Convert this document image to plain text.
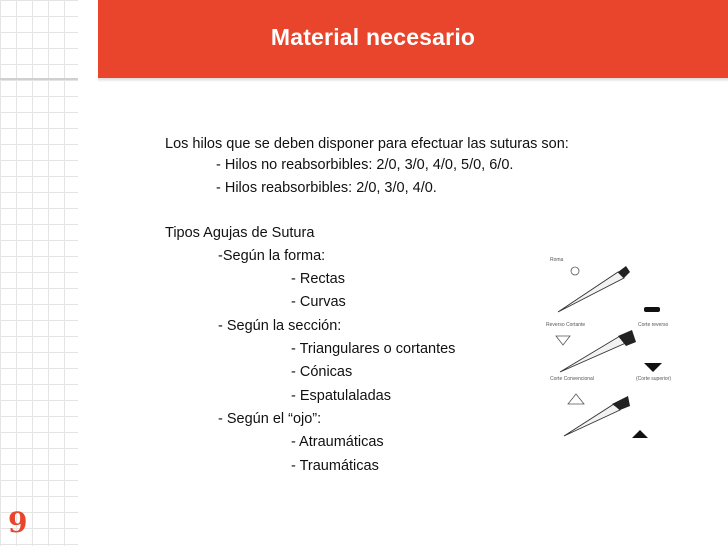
Material necesario
Los hilos que se deben disponer para efectuar las suturas son:
- Hilos no reabsorbibles: 2/0, 3/0, 4/0, 5/0, 6/0.
- Hilos reabsorbibles: 2/0, 3/0, 4/0.
Tipos Agujas de Sutura
-Según la forma:
- Rectas
- Curvas
- Según la sección:
- Triangulares o cortantes
- Cónicas
- Espatulaladas
- Según el “ojo”:
- Atraumáticas
- Traumáticas
Roma
Reverso Cortante	Corte reverso
Corte Convencional	(Corte superior)
9
